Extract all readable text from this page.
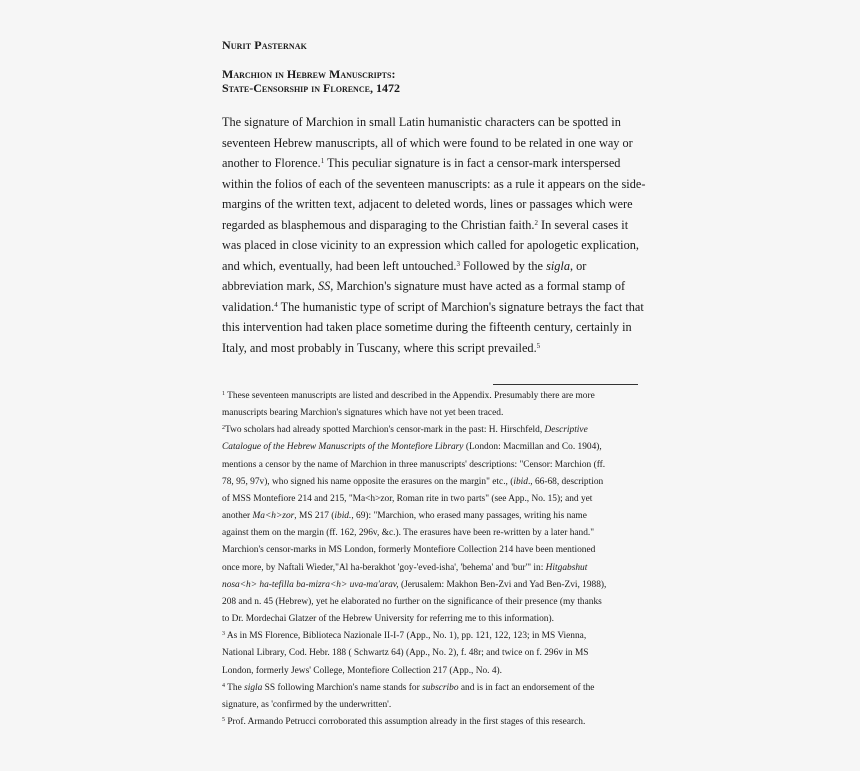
Nurit Pasternak
Marchion in Hebrew Manuscripts:
State-Censorship in Florence, 1472
The signature of Marchion in small Latin humanistic characters can be spotted in
seventeen Hebrew manuscripts, all of which were found to be related in one way or
another to Florence.$^1$ This peculiar signature is in fact a censor-mark interspersed
within the folios of each of the seventeen manuscripts: as a rule it appears on the side-
margins of the written text, adjacent to deleted words, lines or passages which were
regarded as blasphemous and disparaging to the Christian faith.$^2$ In several cases it
was placed in close vicinity to an expression which called for apologetic explication,
and which, eventually, had been left untouched.$^3$ Followed by the sigla, or
abbreviation mark, SS, Marchion's signature must have acted as a formal stamp of
validation.$^4$ The humanistic type of script of Marchion's signature betrays the fact that
this intervention had taken place sometime during the fifteenth century, certainly in
Italy, and most probably in Tuscany, where this script prevailed.$^5$
$^1$ These seventeen manuscripts are listed and described in the Appendix. Presumably there are more
manuscripts bearing Marchion's signatures which have not yet been traced.
$^2$Two scholars had already spotted Marchion's censor-mark in the past: H. Hirschfeld, Descriptive
Catalogue of the Hebrew Manuscripts of the Montefiore Library (London: Macmillan and Co. 1904),
mentions a censor by the name of Marchion in three manuscripts' descriptions: "Censor: Marchion (ff.
78, 95, 97v), who signed his name opposite the erasures on the margin" etc., (ibid., 66-68, description
of MSS Montefiore 214 and 215, "Ma<h>zor, Roman rite in two parts" (see App., No. 15); and yet
another Ma<h>zor, MS 217 (ibid., 69): "Marchion, who erased many passages, writing his name
against them on the margin (ff. 162, 296v, &c.). The erasures have been re-written by a later hand."
Marchion's censor-marks in MS London, formerly Montefiore Collection 214 have been mentioned
once more, by Naftali Wieder,"Al ha-berakhot 'goy-'eved-isha', 'behema' and 'bur'" in: Hitgabshut
nosa<h> ha-tefilla ba-mizra<h> uva-ma'arav, (Jerusalem: Makhon Ben-Zvi and Yad Ben-Zvi, 1988),
208 and n. 45 (Hebrew), yet he elaborated no further on the significance of their presence (my thanks
to Dr. Mordechai Glatzer of the Hebrew University for referring me to this information).
$^3$ As in MS Florence, Biblioteca Nazionale II-I-7 (App., No. 1), pp. 121, 122, 123; in MS Vienna,
National Library, Cod. Hebr. 188 ( Schwartz 64) (App., No. 2), f. 48r; and twice on f. 296v in MS
London, formerly Jews' College, Montefiore Collection 217 (App., No. 4).
$^4$ The sigla SS following Marchion's name stands for subscribo and is in fact an endorsement of the
signature, as 'confirmed by the underwritten'.
$^5$ Prof. Armando Petrucci corroborated this assumption already in the first stages of this research.
